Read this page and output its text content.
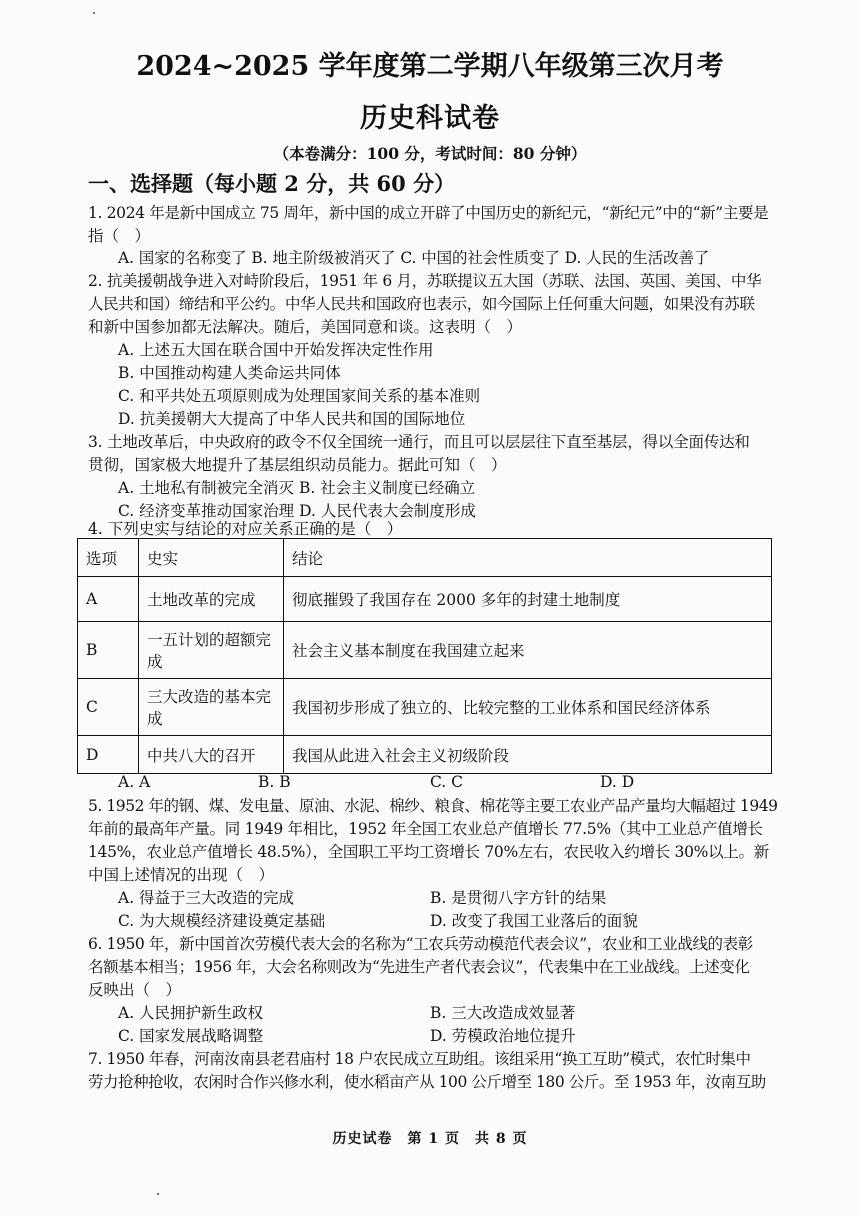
2024~2025 学年度第二学期八年级第三次月考
历史科试卷
（本卷满分：100 分，考试时间：80 分钟）
一、选择题（每小题 2 分，共 60 分）
1. 2024 年是新中国成立 75 周年，新中国的成立开辟了中国历史的新纪元，“新纪元”中的“新”主要是
指（　）
A. 国家的名称变了 B. 地主阶级被消灭了 C. 中国的社会性质变了 D. 人民的生活改善了
2. 抗美援朝战争进入对峙阶段后，1951 年 6 月，苏联提议五大国（苏联、法国、英国、美国、中华
人民共和国）缔结和平公约。中华人民共和国政府也表示，如今国际上任何重大问题，如果没有苏联
和新中国参加都无法解决。随后，美国同意和谈。这表明（　）
A. 上述五大国在联合国中开始发挥决定性作用
B. 中国推动构建人类命运共同体
C. 和平共处五项原则成为处理国家间关系的基本准则
D. 抗美援朝大大提高了中华人民共和国的国际地位
3. 土地改革后，中央政府的政令不仅全国统一通行，而且可以层层往下直至基层，得以全面传达和
贯彻，国家极大地提升了基层组织动员能力。据此可知（　）
A. 土地私有制被完全消灭 B. 社会主义制度已经确立
C. 经济变革推动国家治理 D. 人民代表大会制度形成
4. 下列史实与结论的对应关系正确的是（　）
选项	史实	结论
A	土地改革的完成	彻底摧毁了我国存在 2000 多年的封建土地制度
B	一五计划的超额完成	社会主义基本制度在我国建立起来
C	三大改造的基本完成	我国初步形成了独立的、比较完整的工业体系和国民经济体系
D	中共八大的召开	我国从此进入社会主义初级阶段
A. A	B. B	C. C	D. D
5. 1952 年的钢、煤、发电量、原油、水泥、棉纱、粮食、棉花等主要工农业产品产量均大幅超过 1949
年前的最高年产量。同 1949 年相比，1952 年全国工农业总产值增长 77.5%（其中工业总产值增长
145%，农业总产值增长 48.5%），全国职工平均工资增长 70%左右，农民收入约增长 30%以上。新
中国上述情况的出现（　）
A. 得益于三大改造的完成	B. 是贯彻八字方针的结果
C. 为大规模经济建设奠定基础	D. 改变了我国工业落后的面貌
6. 1950 年，新中国首次劳模代表大会的名称为“工农兵劳动模范代表会议”，农业和工业战线的表彰
名额基本相当；1956 年，大会名称则改为“先进生产者代表会议”，代表集中在工业战线。上述变化
反映出（　）
A. 人民拥护新生政权	B. 三大改造成效显著
C. 国家发展战略调整	D. 劳模政治地位提升
7. 1950 年春，河南汝南县老君庙村 18 户农民成立互助组。该组采用“换工互助”模式，农忙时集中
劳力抢种抢收，农闲时合作兴修水利，使水稻亩产从 100 公斤增至 180 公斤。至 1953 年，汝南互助
历史试卷　第 1 页　共 8 页
